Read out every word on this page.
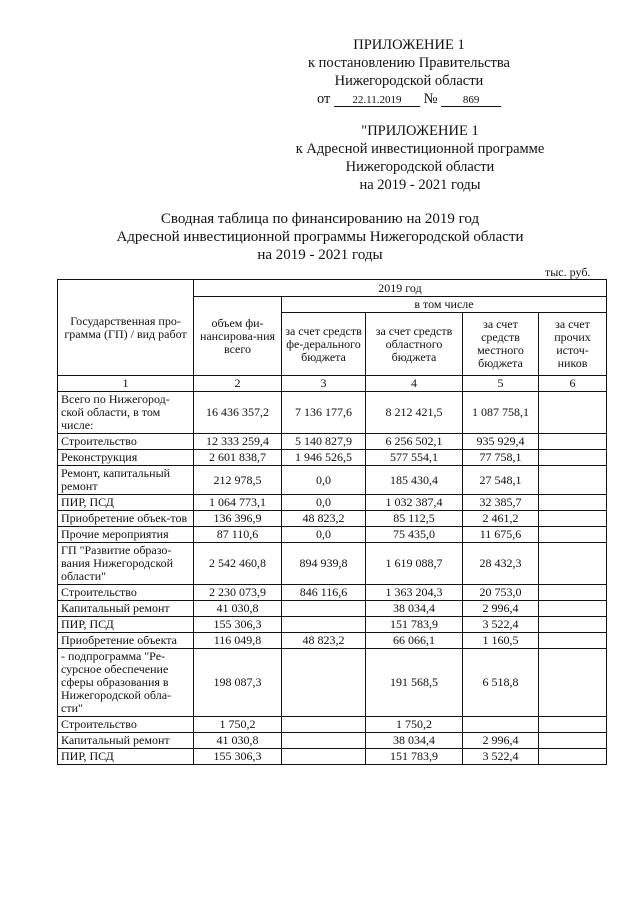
ПРИЛОЖЕНИЕ 1
к постановлению Правительства
Нижегородской области
от 22.11.2019 № 869
"ПРИЛОЖЕНИЕ 1
к Адресной инвестиционной программе
Нижегородской области
на 2019 - 2021 годы
Сводная таблица по финансированию на 2019 год
Адресной инвестиционной программы Нижегородской области
на 2019 - 2021 годы
тыс. руб.
Государственная про-грамма (ГП) / вид работ	2019 год				
	объем фи-нансирова-ния всего	в том числе			
		за счет средств фе-дерального бюджета	за счет средств областного бюджета	за счет средств местного бюджета	за счет прочих источ-ников
1	2	3	4	5	6
Всего по Нижегород-ской области, в том числе:	16 436 357,2	7 136 177,6	8 212 421,5	1 087 758,1	
Строительство	12 333 259,4	5 140 827,9	6 256 502,1	935 929,4	
Реконструкция	2 601 838,7	1 946 526,5	577 554,1	77 758,1	
Ремонт, капитальный ремонт	212 978,5	0,0	185 430,4	27 548,1	
ПИР, ПСД	1 064 773,1	0,0	1 032 387,4	32 385,7	
Приобретение объек-тов	136 396,9	48 823,2	85 112,5	2 461,2	
Прочие мероприятия	87 110,6	0,0	75 435,0	11 675,6	
ГП "Развитие образо-вания Нижегородской области"	2 542 460,8	894 939,8	1 619 088,7	28 432,3	
Строительство	2 230 073,9	846 116,6	1 363 204,3	20 753,0	
Капитальный ремонт	41 030,8		38 034,4	2 996,4	
ПИР, ПСД	155 306,3		151 783,9	3 522,4	
Приобретение объекта	116 049,8	48 823,2	66 066,1	1 160,5	
- подпрограмма "Ре-сурсное обеспечение сферы образования в Нижегородской обла-сти"	198 087,3		191 568,5	6 518,8	
Строительство	1 750,2		1 750,2		
Капитальный ремонт	41 030,8		38 034,4	2 996,4	
ПИР, ПСД	155 306,3		151 783,9	3 522,4	
